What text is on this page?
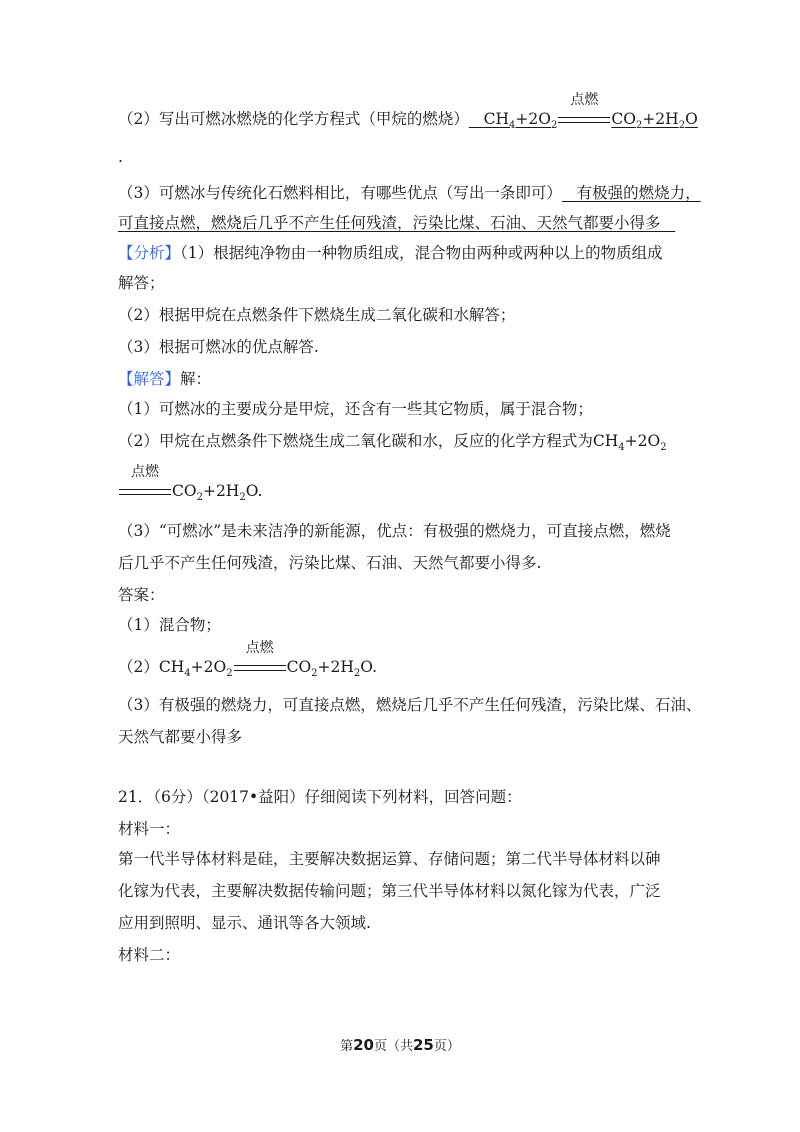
（2）写出可燃冰燃烧的化学方程式（甲烷的燃烧） $CH_4+2O_2$
点燃
$CO_2+2H_2O$
.
（3）可燃冰与传统化石燃料相比，有哪些优点（写出一条即可） 有极强的燃烧力，
可直接点燃，燃烧后几乎不产生任何残渣，污染比煤、石油、天然气都要小得多
【分析】（1）根据纯净物由一种物质组成，混合物由两种或两种以上的物质组成
解答；
（2）根据甲烷在点燃条件下燃烧生成二氧化碳和水解答；
（3）根据可燃冰的优点解答.
【解答】解：
（1）可燃冰的主要成分是甲烷，还含有一些其它物质，属于混合物；
（2）甲烷在点燃条件下燃烧生成二氧化碳和水，反应的化学方程式为$CH_4+2O_2$
点燃
$CO_2+2H_2O$.
（3）“可燃冰”是未来洁净的新能源，优点：有极强的燃烧力，可直接点燃，燃烧
后几乎不产生任何残渣，污染比煤、石油、天然气都要小得多.
答案：
（1）混合物；
$(2)CH_4+2O_2$
点燃
$CO_2+2H_2O$.
（3）有极强的燃烧力，可直接点燃，燃烧后几乎不产生任何残渣，污染比煤、石油、
天然气都要小得多
21．（6分）（2017•益阳）仔细阅读下列材料，回答问题：
材料一：
第一代半导体材料是硅，主要解决数据运算、存储问题；第二代半导体材料以砷
化镓为代表，主要解决数据传输问题；第三代半导体材料以氮化镓为代表，广泛
应用到照明、显示、通讯等各大领域.
材料二：
第20页（共25页）
